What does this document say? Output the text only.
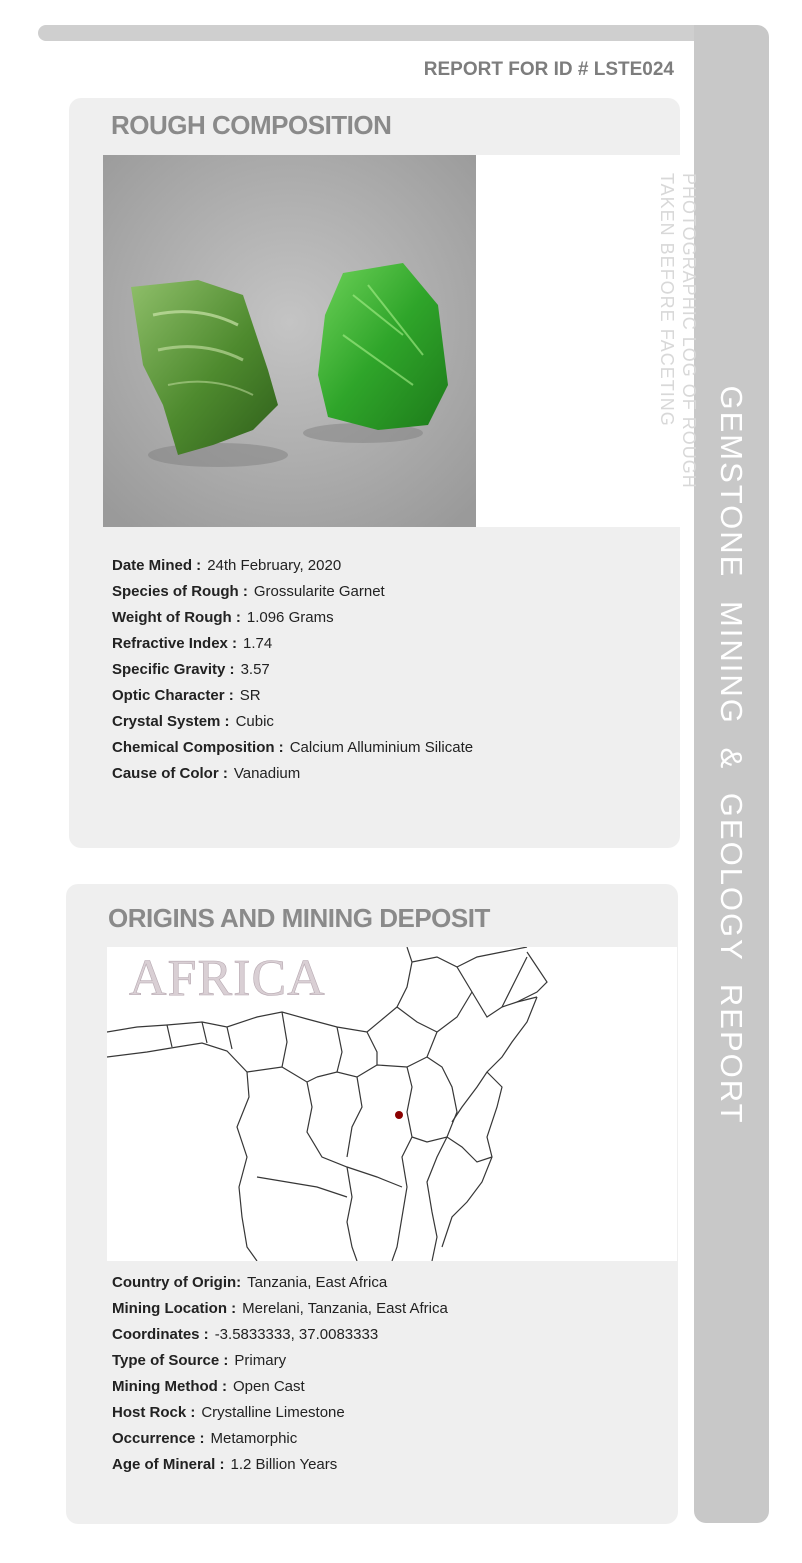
GEMSTONE MINING & GEOLOGY REPORT
REPORT FOR ID # LSTE024
ROUGH COMPOSITION
PHOTOGRAPHIC LOG OF ROUGH
TAKEN BEFORE FACETING
Date Mined : 24th February, 2020
Species of Rough : Grossularite Garnet
Weight of Rough : 1.096 Grams
Refractive Index : 1.74
Specific Gravity : 3.57
Optic Character : SR
Crystal System : Cubic
Chemical Composition : Calcium Alluminium Silicate
Cause of Color : Vanadium
ORIGINS AND MINING DEPOSIT
AFRICA
Country of Origin: Tanzania, East Africa
Mining Location : Merelani, Tanzania, East Africa
Coordinates : -3.5833333, 37.0083333
Type of Source : Primary
Mining Method : Open Cast
Host Rock : Crystalline Limestone
Occurrence : Metamorphic
Age of Mineral : 1.2 Billion Years
